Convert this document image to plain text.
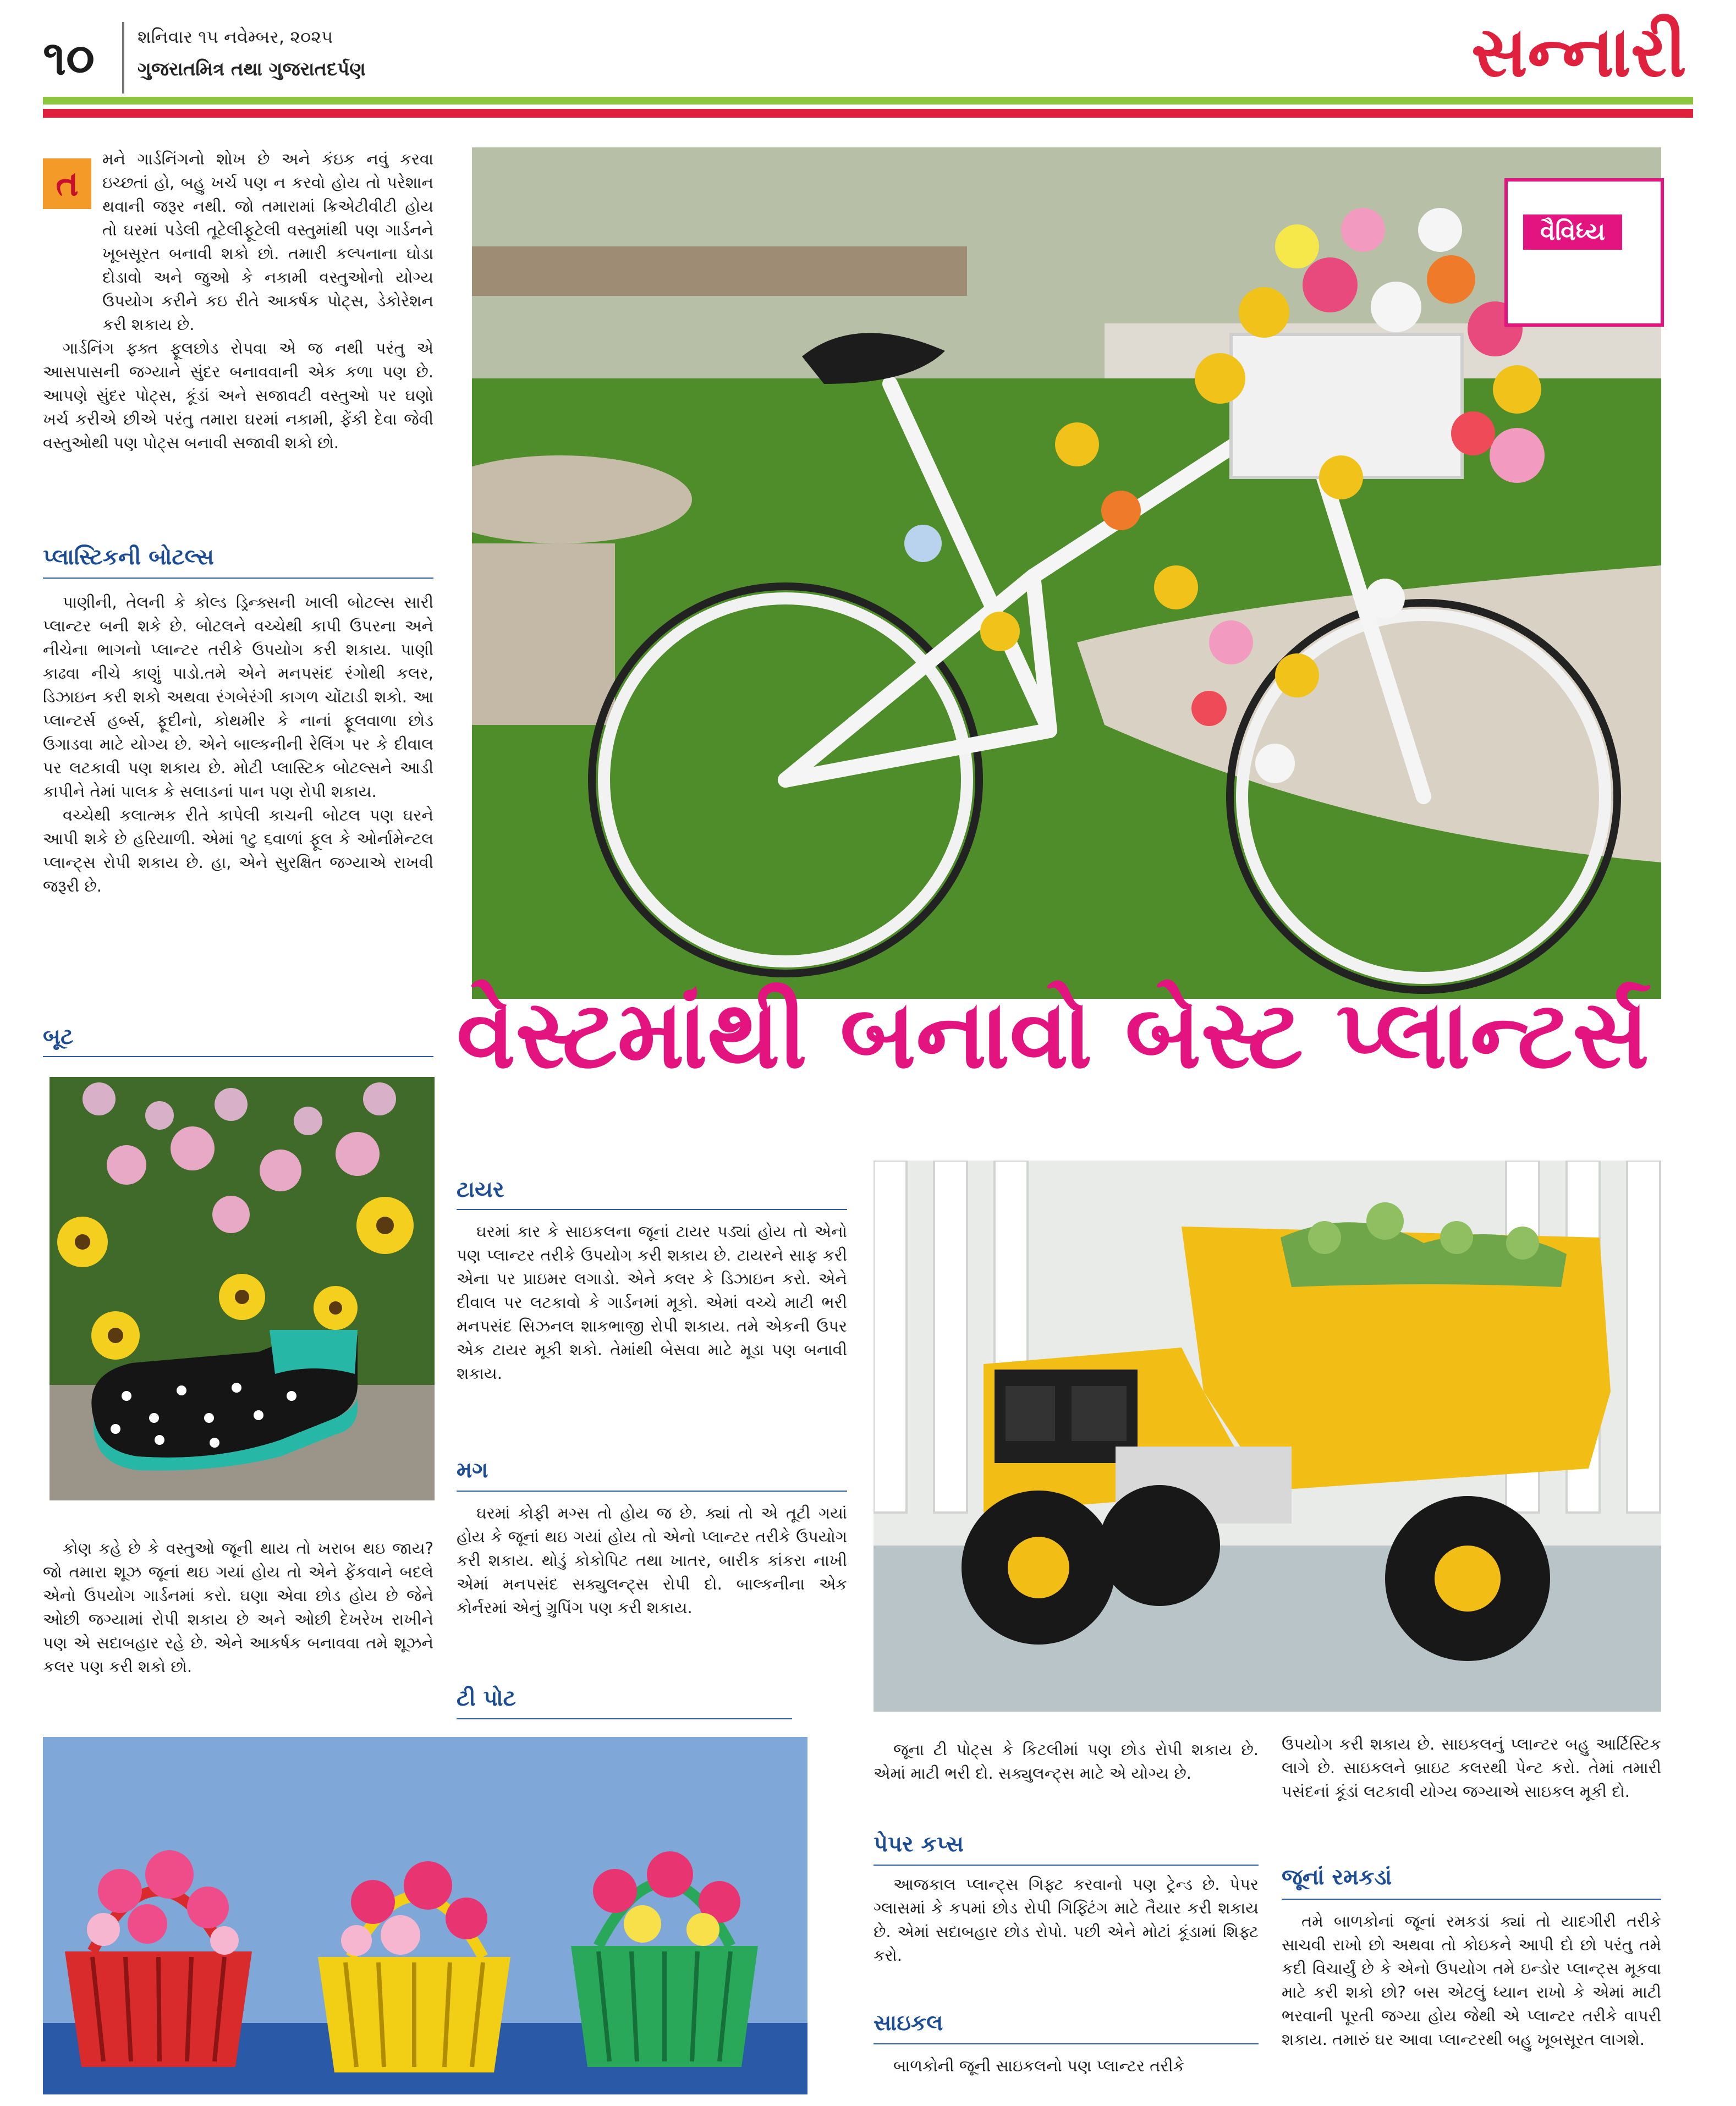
૧૦ શનિવાર ૧૫ નવેમ્બર, ૨૦૨૫
ગુજરાતમિત્ર તથા ગુજરાતદર્પણ	સન્નારી
ત

મને ગાર્ડનિંગનો શોખ છે અને કંઇક નવું કરવા ઇચ્છતાં હો, બહુ ખર્ચ પણ ન કરવો હોય તો પરેશાન થવાની જરૂર નથી. જો તમારામાં ક્રિએટીવીટી હોય તો ઘરમાં પડેલી તૂટેલીફૂટેલી વસ્તુમાંથી પણ ગાર્ડનને ખૂબસૂરત બનાવી શકો છો. તમારી કલ્પનાના ઘોડા દોડાવો અને જુઓ કે નકામી વસ્તુઓનો યોગ્ય ઉપયોગ કરીને કઇ રીતે આકર્ષક પોટ્સ, ડેકોરેશન કરી શકાય છે.

ગાર્ડનિંગ ફક્ત ફૂલછોડ રોપવા એ જ નથી પરંતુ એ આસપાસની જગ્યાને સુંદર બનાવવાની એક કળા પણ છે. આપણે સુંદર પોટ્સ, કૂંડાં અને સજાવટી વસ્તુઓ પર ઘણો ખર્ચ કરીએ છીએ પરંતુ તમારા ઘરમાં નકામી, ફેંકી દેવા જેવી વસ્તુઓથી પણ પોટ્સ બનાવી સજાવી શકો છો.

પ્લાસ્ટિકની બોટલ્સ

પાણીની, તેલની કે કોલ્ડ ડ્રિન્ક્સની ખાલી બોટલ્સ સારી પ્લાન્ટર બની શકે છે. બોટલને વચ્ચેથી કાપી ઉપરના અને નીચેના ભાગનો પ્લાન્ટર તરીકે ઉપયોગ કરી શકાય. પાણી કાઢવા નીચે કાણું પાડો.તમે એને મનપસંદ રંગોથી કલર, ડિઝાઇન કરી શકો અથવા રંગબેરંગી કાગળ ચોંટાડી શકો. આ પ્લાન્ટર્સ હર્બ્સ, ફૂદીનો, કોથમીર કે નાનાં ફૂલવાળા છોડ ઉગાડવા માટે યોગ્ય છે. એને બાલ્કનીની રેલિંગ પર કે દીવાલ પર લટકાવી પણ શકાય છે. મોટી પ્લાસ્ટિક બોટલ્સને આડી કાપીને તેમાં પાલક કે સલાડનાં પાન પણ રોપી શકાય.

વચ્ચેથી કલાત્મક રીતે કાપેલી કાચની બોટલ પણ ઘરને આપી શકે છે હરિયાળી. એમાં ૧ટુ ૬વાળાં ફૂલ કે ઓર્નામેન્ટલ પ્લાન્ટ્સ રોપી શકાય છે. હા, એને સુરક્ષિત જગ્યાએ રાખવી જરૂરી છે.

બૂટ

કોણ કહે છે કે વસ્તુઓ જૂની થાય તો ખરાબ થઇ જાય? જો તમારા શૂઝ જૂનાં થઇ ગયાં હોય તો એને ફેંકવાને બદલે એનો ઉપયોગ ગાર્ડનમાં કરો. ઘણા એવા છોડ હોય છે જેને ઓછી જગ્યામાં રોપી શકાય છે અને ઓછી દેખરેખ રાખીને પણ એ સદાબહાર રહે છે. એને આકર્ષક બનાવવા તમે શૂઝને કલર પણ કરી શકો છો.

વૈવિધ્ય
વેસ્ટમાંથી બનાવો બેસ્ટ પ્લાન્ટર્સ
ટાયર

ઘરમાં કાર કે સાઇકલના જૂનાં ટાયર પડ્યાં હોય તો એનો પણ પ્લાન્ટર તરીકે ઉપયોગ કરી શકાય છે. ટાયરને સાફ કરી એના પર પ્રાઇમર લગાડો. એને કલર કે ડિઝાઇન કરો. એને દીવાલ પર લટકાવો કે ગાર્ડનમાં મૂકો. એમાં વચ્ચે માટી ભરી મનપસંદ સિઝનલ શાકભાજી રોપી શકાય. તમે એકની ઉપર એક ટાયર મૂકી શકો. તેમાંથી બેસવા માટે મૂડા પણ બનાવી શકાય.

મગ

ઘરમાં કોફી મગ્સ તો હોય જ છે. ક્યાં તો એ તૂટી ગયાં હોય કે જૂનાં થઇ ગયાં હોય તો એનો પ્લાન્ટર તરીકે ઉપયોગ કરી શકાય. થોડું કોકોપિટ તથા ખાતર, બારીક કાંકરા નાખી એમાં મનપસંદ સક્યુલન્ટ્સ રોપી દો. બાલ્કનીના એક કોર્નરમાં એનું ગ્રુપિંગ પણ કરી શકાય.

ટી પોટ

જૂના ટી પોટ્સ કે કિટલીમાં પણ છોડ રોપી શકાય છે. એમાં માટી ભરી દો. સક્યુલન્ટ્સ માટે એ યોગ્ય છે.

પેપર કપ્સ

આજકાલ પ્લાન્ટ્સ ગિફ્ટ કરવાનો પણ ટ્રેન્ડ છે. પેપર ગ્લાસમાં કે કપમાં છોડ રોપી ગિફ્ટિંગ માટે તૈયાર કરી શકાય છે. એમાં સદાબહાર છોડ રોપો. પછી એને મોટાં કૂંડામાં શિફ્ટ કરો.

સાઇકલ

બાળકોની જૂની સાઇકલનો પણ પ્લાન્ટર તરીકે

ઉપયોગ કરી શકાય છે. સાઇકલનું પ્લાન્ટર બહુ આર્ટિસ્ટિક લાગે છે. સાઇકલને બ્રાઇટ કલરથી પેન્ટ કરો. તેમાં તમારી પસંદનાં કૂંડાં લટકાવી યોગ્ય જગ્યાએ સાઇકલ મૂકી દો.

જૂનાં રમકડાં

તમે બાળકોનાં જૂનાં રમકડાં ક્યાં તો યાદગીરી તરીકે સાચવી રાખો છો અથવા તો કોઇકને આપી દો છો પરંતુ તમે કદી વિચાર્યું છે કે એનો ઉપયોગ તમે ઇન્ડોર પ્લાન્ટ્સ મૂકવા માટે કરી શકો છો? બસ એટલું ધ્યાન રાખો કે એમાં માટી ભરવાની પૂરતી જગ્યા હોય જેથી એ પ્લાન્ટર તરીકે વાપરી શકાય. તમારું ઘર આવા પ્લાન્ટરથી બહુ ખૂબસૂરત લાગશે.
